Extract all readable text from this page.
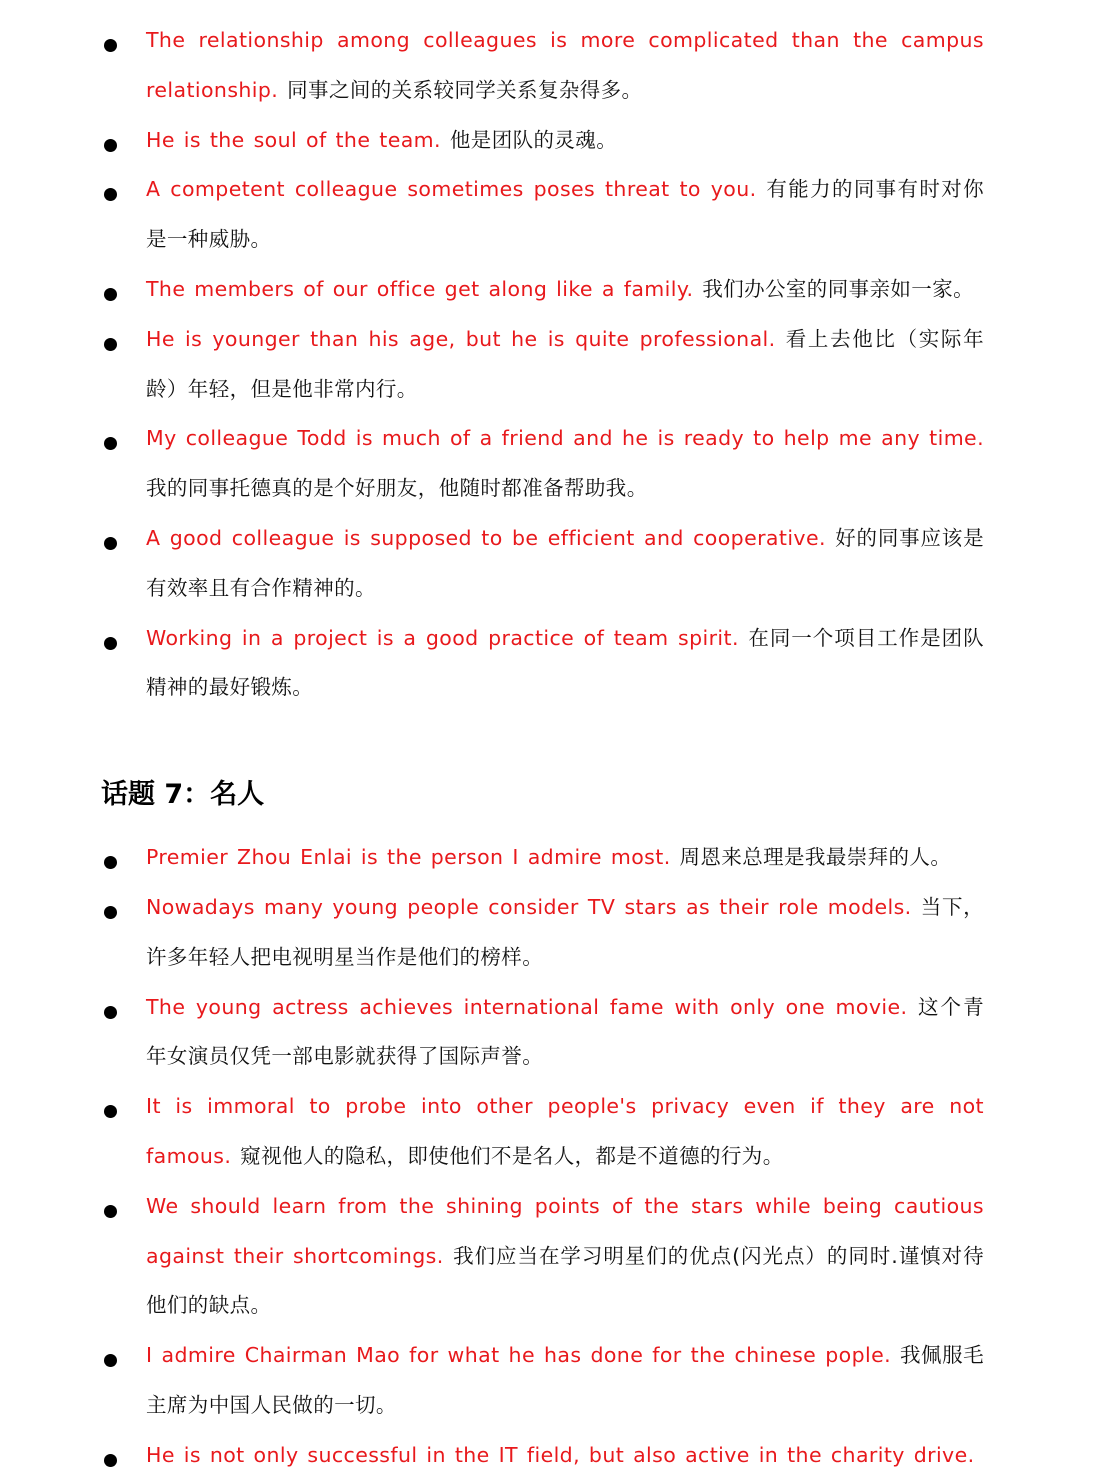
The relationship among colleagues is more complicated than the campus relationship. 同事之间的关系较同学关系复杂得多。
He is the soul of the team. 他是团队的灵魂。
A competent colleague sometimes poses threat to you. 有能力的同事有时对你是一种威胁。
The members of our office get along like a family. 我们办公室的同事亲如一家。
He is younger than his age, but he is quite professional. 看上去他比（实际年龄）年轻，但是他非常内行。
My colleague Todd is much of a friend and he is ready to help me any time. 我的同事托德真的是个好朋友，他随时都准备帮助我。
A good colleague is supposed to be efficient and cooperative. 好的同事应该是有效率且有合作精神的。
Working in a project is a good practice of team spirit. 在同一个项目工作是团队精神的最好锻炼。
话题 7：名人
Premier Zhou Enlai is the person I admire most. 周恩来总理是我最崇拜的人。
Nowadays many young people consider TV stars as their role models. 当下，许多年轻人把电视明星当作是他们的榜样。
The young actress achieves international fame with only one movie. 这个青年女演员仅凭一部电影就获得了国际声誉。
It is immoral to probe into other people's privacy even if they are not famous. 窥视他人的隐私，即使他们不是名人，都是不道德的行为。
We should learn from the shining points of the stars while being cautious against their shortcomings. 我们应当在学习明星们的优点(闪光点）的同时.谨慎对待他们的缺点。
I admire Chairman Mao for what he has done for the chinese pople. 我佩服毛主席为中国人民做的一切。
He is not only successful in the IT field, but also active in the charity drive.
